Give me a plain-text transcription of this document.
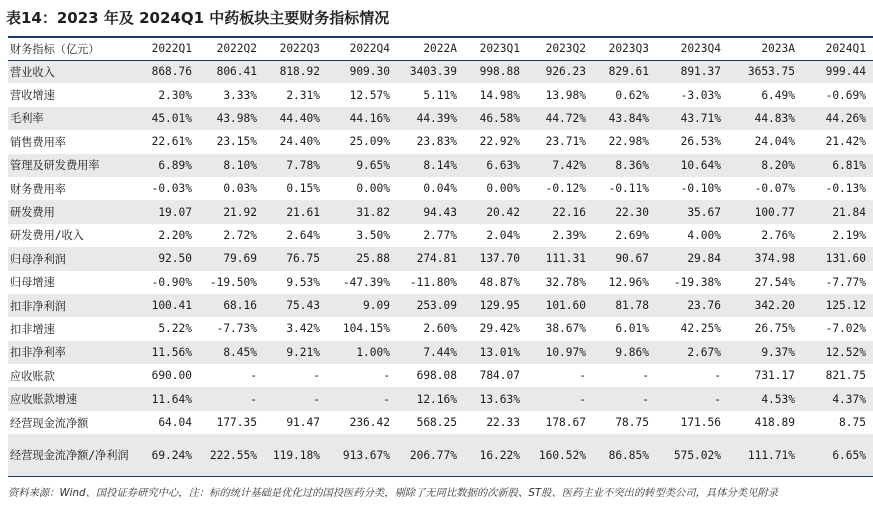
表14：2023 年及 2024Q1 中药板块主要财务指标情况
财务指标（亿元）	2022Q1	2022Q2	2022Q3	2022Q4	2022A	2023Q1	2023Q2	2023Q3	2023Q4	2023A	2024Q1
营业收入	868.76	806.41	818.92	909.30	3403.39	998.88	926.23	829.61	891.37	3653.75	999.44
营收增速	2.30%	3.33%	2.31%	12.57%	5.11%	14.98%	13.98%	0.62%	-3.03%	6.49%	-0.69%
毛利率	45.01%	43.98%	44.40%	44.16%	44.39%	46.58%	44.72%	43.84%	43.71%	44.83%	44.26%
销售费用率	22.61%	23.15%	24.40%	25.09%	23.83%	22.92%	23.71%	22.98%	26.53%	24.04%	21.42%
管理及研发费用率	6.89%	8.10%	7.78%	9.65%	8.14%	6.63%	7.42%	8.36%	10.64%	8.20%	6.81%
财务费用率	-0.03%	0.03%	0.15%	0.00%	0.04%	0.00%	-0.12%	-0.11%	-0.10%	-0.07%	-0.13%
研发费用	19.07	21.92	21.61	31.82	94.43	20.42	22.16	22.30	35.67	100.77	21.84
研发费用/收入	2.20%	2.72%	2.64%	3.50%	2.77%	2.04%	2.39%	2.69%	4.00%	2.76%	2.19%
归母净利润	92.50	79.69	76.75	25.88	274.81	137.70	111.31	90.67	29.84	374.98	131.60
归母增速	-0.90%	-19.50%	9.53%	-47.39%	-11.80%	48.87%	32.78%	12.96%	-19.38%	27.54%	-7.77%
扣非净利润	100.41	68.16	75.43	9.09	253.09	129.95	101.60	81.78	23.76	342.20	125.12
扣非增速	5.22%	-7.73%	3.42%	104.15%	2.60%	29.42%	38.67%	6.01%	42.25%	26.75%	-7.02%
扣非净利率	11.56%	8.45%	9.21%	1.00%	7.44%	13.01%	10.97%	9.86%	2.67%	9.37%	12.52%
应收账款	690.00	-	-	-	698.08	784.07	-	-	-	731.17	821.75
应收账款增速	11.64%	-	-	-	12.16%	13.63%	-	-	-	4.53%	4.37%
经营现金流净额	64.04	177.35	91.47	236.42	568.25	22.33	178.67	78.75	171.56	418.89	8.75
经营现金流净额/净利润	69.24%	222.55%	119.18%	913.67%	206.77%	16.22%	160.52%	86.85%	575.02%	111.71%	6.65%
资料来源：Wind、国投证券研究中心，注：标的统计基础是优化过的国投医药分类，剔除了无同比数据的次新股、ST股、医药主业不突出的转型类公司，具体分类见附录
